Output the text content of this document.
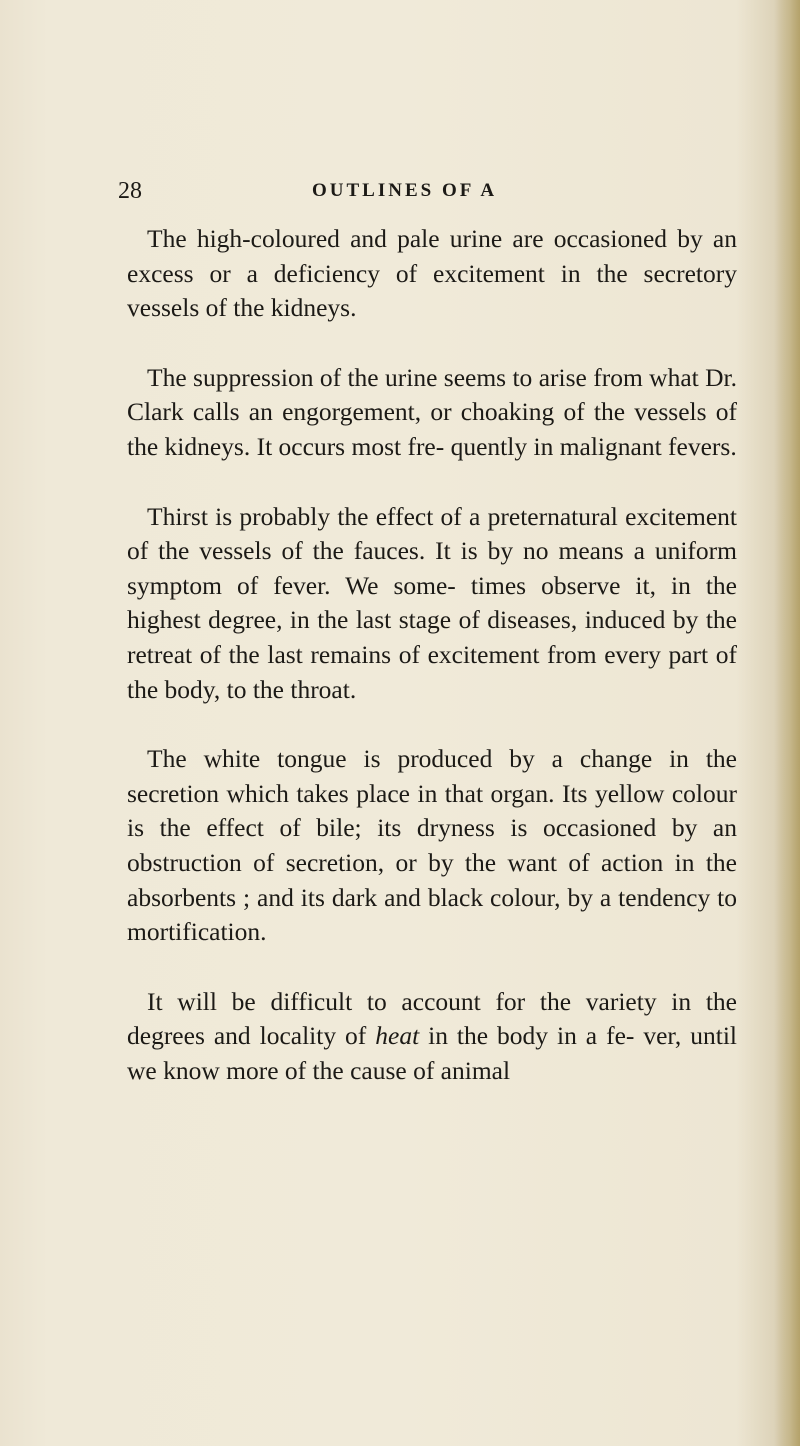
28	OUTLINES OF A

The high-coloured and pale urine are occasioned by an excess or a deficiency of excitement in the secretory vessels of the kidneys.

The suppression of the urine seems to arise from what Dr. Clark calls an engorgement, or choaking of the vessels of the kidneys. It occurs most fre- quently in malignant fevers.

Thirst is probably the effect of a preternatural excitement of the vessels of the fauces. It is by no means a uniform symptom of fever. We some- times observe it, in the highest degree, in the last stage of diseases, induced by the retreat of the last remains of excitement from every part of the body, to the throat.

The white tongue is produced by a change in the secretion which takes place in that organ. Its yellow colour is the effect of bile; its dryness is occasioned by an obstruction of secretion, or by the want of action in the absorbents ; and its dark and black colour, by a tendency to mortification.

It will be difficult to account for the variety in the degrees and locality of heat in the body in a fe- ver, until we know more of the cause of animal
